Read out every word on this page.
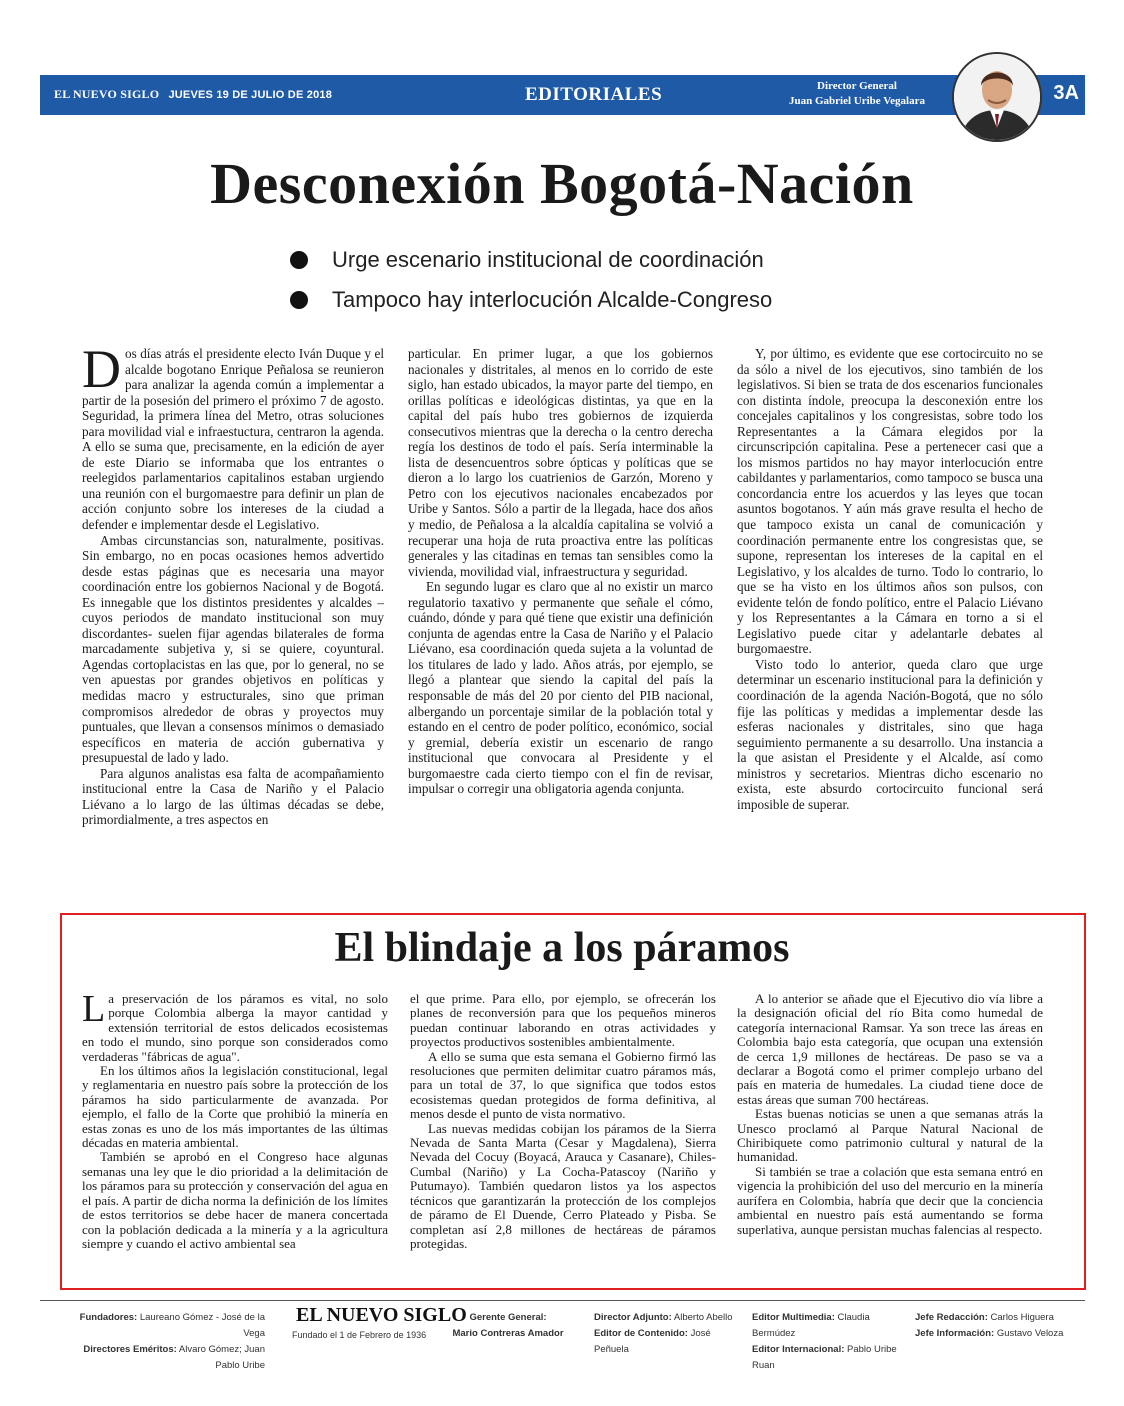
EL NUEVO SIGLO JUEVES 19 DE JULIO DE 2018	EDITORIALES	Director General
Juan Gabriel Uribe Vegalara	3A
Desconexión Bogotá-Nación
Urge escenario institucional de coordinación
Tampoco hay interlocución Alcalde-Congreso

Dos días atrás el presidente electo Iván Duque y el alcalde bogotano Enrique Peñalosa se reunieron para analizar la agenda común a implementar a partir de la posesión del primero el próximo 7 de agosto. Seguridad, la primera línea del Metro, otras soluciones para movilidad vial e infraestuctura, centraron la agenda. A ello se suma que, precisamente, en la edición de ayer de este Diario se informaba que los entrantes o reelegidos parlamentarios capitalinos estaban urgiendo una reunión con el burgomaestre para definir un plan de acción conjunto sobre los intereses de la ciudad a defender e implementar desde el Legislativo.

Ambas circunstancias son, naturalmente, positivas. Sin embargo, no en pocas ocasiones hemos advertido desde estas páginas que es necesaria una mayor coordinación entre los gobiernos Nacional y de Bogotá. Es innegable que los distintos presidentes y alcaldes –cuyos periodos de mandato institucional son muy discordantes- suelen fijar agendas bilaterales de forma marcadamente subjetiva y, si se quiere, coyuntural. Agendas cortoplacistas en las que, por lo general, no se ven apuestas por grandes objetivos en políticas y medidas macro y estructurales, sino que priman compromisos alrededor de obras y proyectos muy puntuales, que llevan a consensos mínimos o demasiado específicos en materia de acción gubernativa y presupuestal de lado y lado.

Para algunos analistas esa falta de acompañamiento institucional entre la Casa de Nariño y el Palacio Liévano a lo largo de las últimas décadas se debe, primordialmente, a tres aspectos en

particular. En primer lugar, a que los gobiernos nacionales y distritales, al menos en lo corrido de este siglo, han estado ubicados, la mayor parte del tiempo, en orillas políticas e ideológicas distintas, ya que en la capital del país hubo tres gobiernos de izquierda consecutivos mientras que la derecha o la centro derecha regía los destinos de todo el país. Sería interminable la lista de desencuentros sobre ópticas y políticas que se dieron a lo largo los cuatrienios de Garzón, Moreno y Petro con los ejecutivos nacionales encabezados por Uribe y Santos. Sólo a partir de la llegada, hace dos años y medio, de Peñalosa a la alcaldía capitalina se volvió a recuperar una hoja de ruta proactiva entre las políticas generales y las citadinas en temas tan sensibles como la vivienda, movilidad vial, infraestructura y seguridad.

En segundo lugar es claro que al no existir un marco regulatorio taxativo y permanente que señale el cómo, cuándo, dónde y para qué tiene que existir una definición conjunta de agendas entre la Casa de Nariño y el Palacio Liévano, esa coordinación queda sujeta a la voluntad de los titulares de lado y lado. Años atrás, por ejemplo, se llegó a plantear que siendo la capital del país la responsable de más del 20 por ciento del PIB nacional, albergando un porcentaje similar de la población total y estando en el centro de poder político, económico, social y gremial, debería existir un escenario de rango institucional que convocara al Presidente y el burgomaestre cada cierto tiempo con el fin de revisar, impulsar o corregir una obligatoria agenda conjunta.

Y, por último, es evidente que ese cortocircuito no se da sólo a nivel de los ejecutivos, sino también de los legislativos. Si bien se trata de dos escenarios funcionales con distinta índole, preocupa la desconexión entre los concejales capitalinos y los congresistas, sobre todo los Representantes a la Cámara elegidos por la circunscripción capitalina. Pese a pertenecer casi que a los mismos partidos no hay mayor interlocución entre cabildantes y parlamentarios, como tampoco se busca una concordancia entre los acuerdos y las leyes que tocan asuntos bogotanos. Y aún más grave resulta el hecho de que tampoco exista un canal de comunicación y coordinación permanente entre los congresistas que, se supone, representan los intereses de la capital en el Legislativo, y los alcaldes de turno. Todo lo contrario, lo que se ha visto en los últimos años son pulsos, con evidente telón de fondo político, entre el Palacio Liévano y los Representantes a la Cámara en torno a si el Legislativo puede citar y adelantarle debates al burgomaestre.

Visto todo lo anterior, queda claro que urge determinar un escenario institucional para la definición y coordinación de la agenda Nación-Bogotá, que no sólo fije las políticas y medidas a implementar desde las esferas nacionales y distritales, sino que haga seguimiento permanente a su desarrollo. Una instancia a la que asistan el Presidente y el Alcalde, así como ministros y secretarios. Mientras dicho escenario no exista, este absurdo cortocircuito funcional será imposible de superar.

El blindaje a los páramos

La preservación de los páramos es vital, no solo porque Colombia alberga la mayor cantidad y extensión territorial de estos delicados ecosistemas en todo el mundo, sino porque son considerados como verdaderas "fábricas de agua".

En los últimos años la legislación constitucional, legal y reglamentaria en nuestro país sobre la protección de los páramos ha sido particularmente de avanzada. Por ejemplo, el fallo de la Corte que prohibió la minería en estas zonas es uno de los más importantes de las últimas décadas en materia ambiental.

También se aprobó en el Congreso hace algunas semanas una ley que le dio prioridad a la delimitación de los páramos para su protección y conservación del agua en el país. A partir de dicha norma la definición de los límites de estos territorios se debe hacer de manera concertada con la población dedicada a la minería y a la agricultura siempre y cuando el activo ambiental sea

el que prime. Para ello, por ejemplo, se ofrecerán los planes de reconversión para que los pequeños mineros puedan continuar laborando en otras actividades y proyectos productivos sostenibles ambientalmente.

A ello se suma que esta semana el Gobierno firmó las resoluciones que permiten delimitar cuatro páramos más, para un total de 37, lo que significa que todos estos ecosistemas quedan protegidos de forma definitiva, al menos desde el punto de vista normativo.

Las nuevas medidas cobijan los páramos de la Sierra Nevada de Santa Marta (Cesar y Magdalena), Sierra Nevada del Cocuy (Boyacá, Arauca y Casanare), Chiles-Cumbal (Nariño) y La Cocha-Patascoy (Nariño y Putumayo). También quedaron listos ya los aspectos técnicos que garantizarán la protección de los complejos de páramo de El Duende, Cerro Plateado y Pisba. Se completan así 2,8 millones de hectáreas de páramos protegidas.

A lo anterior se añade que el Ejecutivo dio vía libre a la designación oficial del río Bita como humedal de categoría internacional Ramsar. Ya son trece las áreas en Colombia bajo esta categoría, que ocupan una extensión de cerca 1,9 millones de hectáreas. De paso se va a declarar a Bogotá como el primer complejo urbano del país en materia de humedales. La ciudad tiene doce de estas áreas que suman 700 hectáreas.

Estas buenas noticias se unen a que semanas atrás la Unesco proclamó al Parque Natural Nacional de Chiribiquete como patrimonio cultural y natural de la humanidad.

Si también se trae a colación que esta semana entró en vigencia la prohibición del uso del mercurio en la minería aurífera en Colombia, habría que decir que la conciencia ambiental en nuestro país está aumentando se forma superlativa, aunque persistan muchas falencias al respecto.

Fundadores: Laureano Gómez - José de la Vega
Directores Eméritos: Alvaro Gómez; Juan Pablo Uribe
EL NUEVO SIGLO
Fundado el 1 de Febrero de 1936
Gerente General:
Mario Contreras Amador
Director Adjunto: Alberto Abello
Editor de Contenido: José Peñuela
Editor Multimedia: Claudia Bermúdez
Editor Internacional: Pablo Uribe Ruan
Jefe Redacción: Carlos Higuera
Jefe Información: Gustavo Veloza
